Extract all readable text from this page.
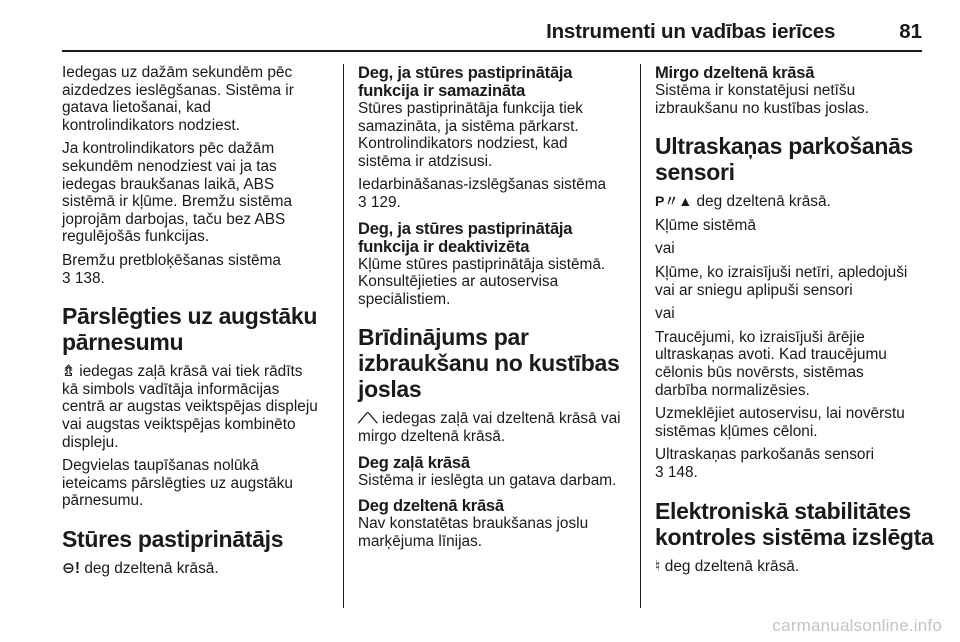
Instrumenti un vadības ierīces	81

Iedegas uz dažām sekundēm pēc
aizdedzes ieslēgšanas. Sistēma ir
gatava lietošanai, kad
kontrolindikators nodziest.

Ja kontrolindikators pēc dažām
sekundēm nenodziest vai ja tas
iedegas braukšanas laikā, ABS
sistēmā ir kļūme. Bremžu sistēma
joprojām darbojas, taču bez ABS
regulējošās funkcijas.

Bremžu pretbloķēšanas sistēma
3 138.

Pārslēgties uz augstāku
pārnesumu

⇯ iedegas zaļā krāsā vai tiek rādīts
kā simbols vadītāja informācijas
centrā ar augstas veiktspējas displeju
vai augstas veiktspējas kombinēto
displeju.

Degvielas taupīšanas nolūkā
ieteicams pārslēgties uz augstāku
pārnesumu.

Stūres pastiprinātājs

⊖! deg dzeltenā krāsā.

Deg, ja stūres pastiprinātāja
funkcija ir samazināta

Stūres pastiprinātāja funkcija tiek
samazināta, ja sistēma pārkarst.
Kontrolindikators nodziest, kad
sistēma ir atdzisusi.

Iedarbināšanas-izslēgšanas sistēma
3 129.

Deg, ja stūres pastiprinātāja
funkcija ir deaktivizēta

Kļūme stūres pastiprinātāja sistēmā.
Konsultējieties ar autoservisa
speciālistiem.

Brīdinājums par
izbraukšanu no kustības
joslas

⟋⟍ iedegas zaļā vai dzeltenā krāsā vai
mirgo dzeltenā krāsā.

Deg zaļā krāsā

Sistēma ir ieslēgta un gatava darbam.

Deg dzeltenā krāsā

Nav konstatētas braukšanas joslu
marķējuma līnijas.

Mirgo dzeltenā krāsā

Sistēma ir konstatējusi netīšu
izbraukšanu no kustības joslas.

Ultraskaņas parkošanās
sensori

P〃▲ deg dzeltenā krāsā.

Kļūme sistēmā

vai

Kļūme, ko izraisījuši netīri, apledojuši
vai ar sniegu aplipuši sensori

vai

Traucējumi, ko izraisījuši ārējie
ultraskaņas avoti. Kad traucējumu
cēlonis būs novērsts, sistēmas
darbība normalizēsies.

Uzmeklējiet autoservisu, lai novērstu
sistēmas kļūmes cēloni.

Ultraskaņas parkošanās sensori
3 148.

Elektroniskā stabilitātes
kontroles sistēma izslēgta

♮ deg dzeltenā krāsā.

carmanualsonline.info
